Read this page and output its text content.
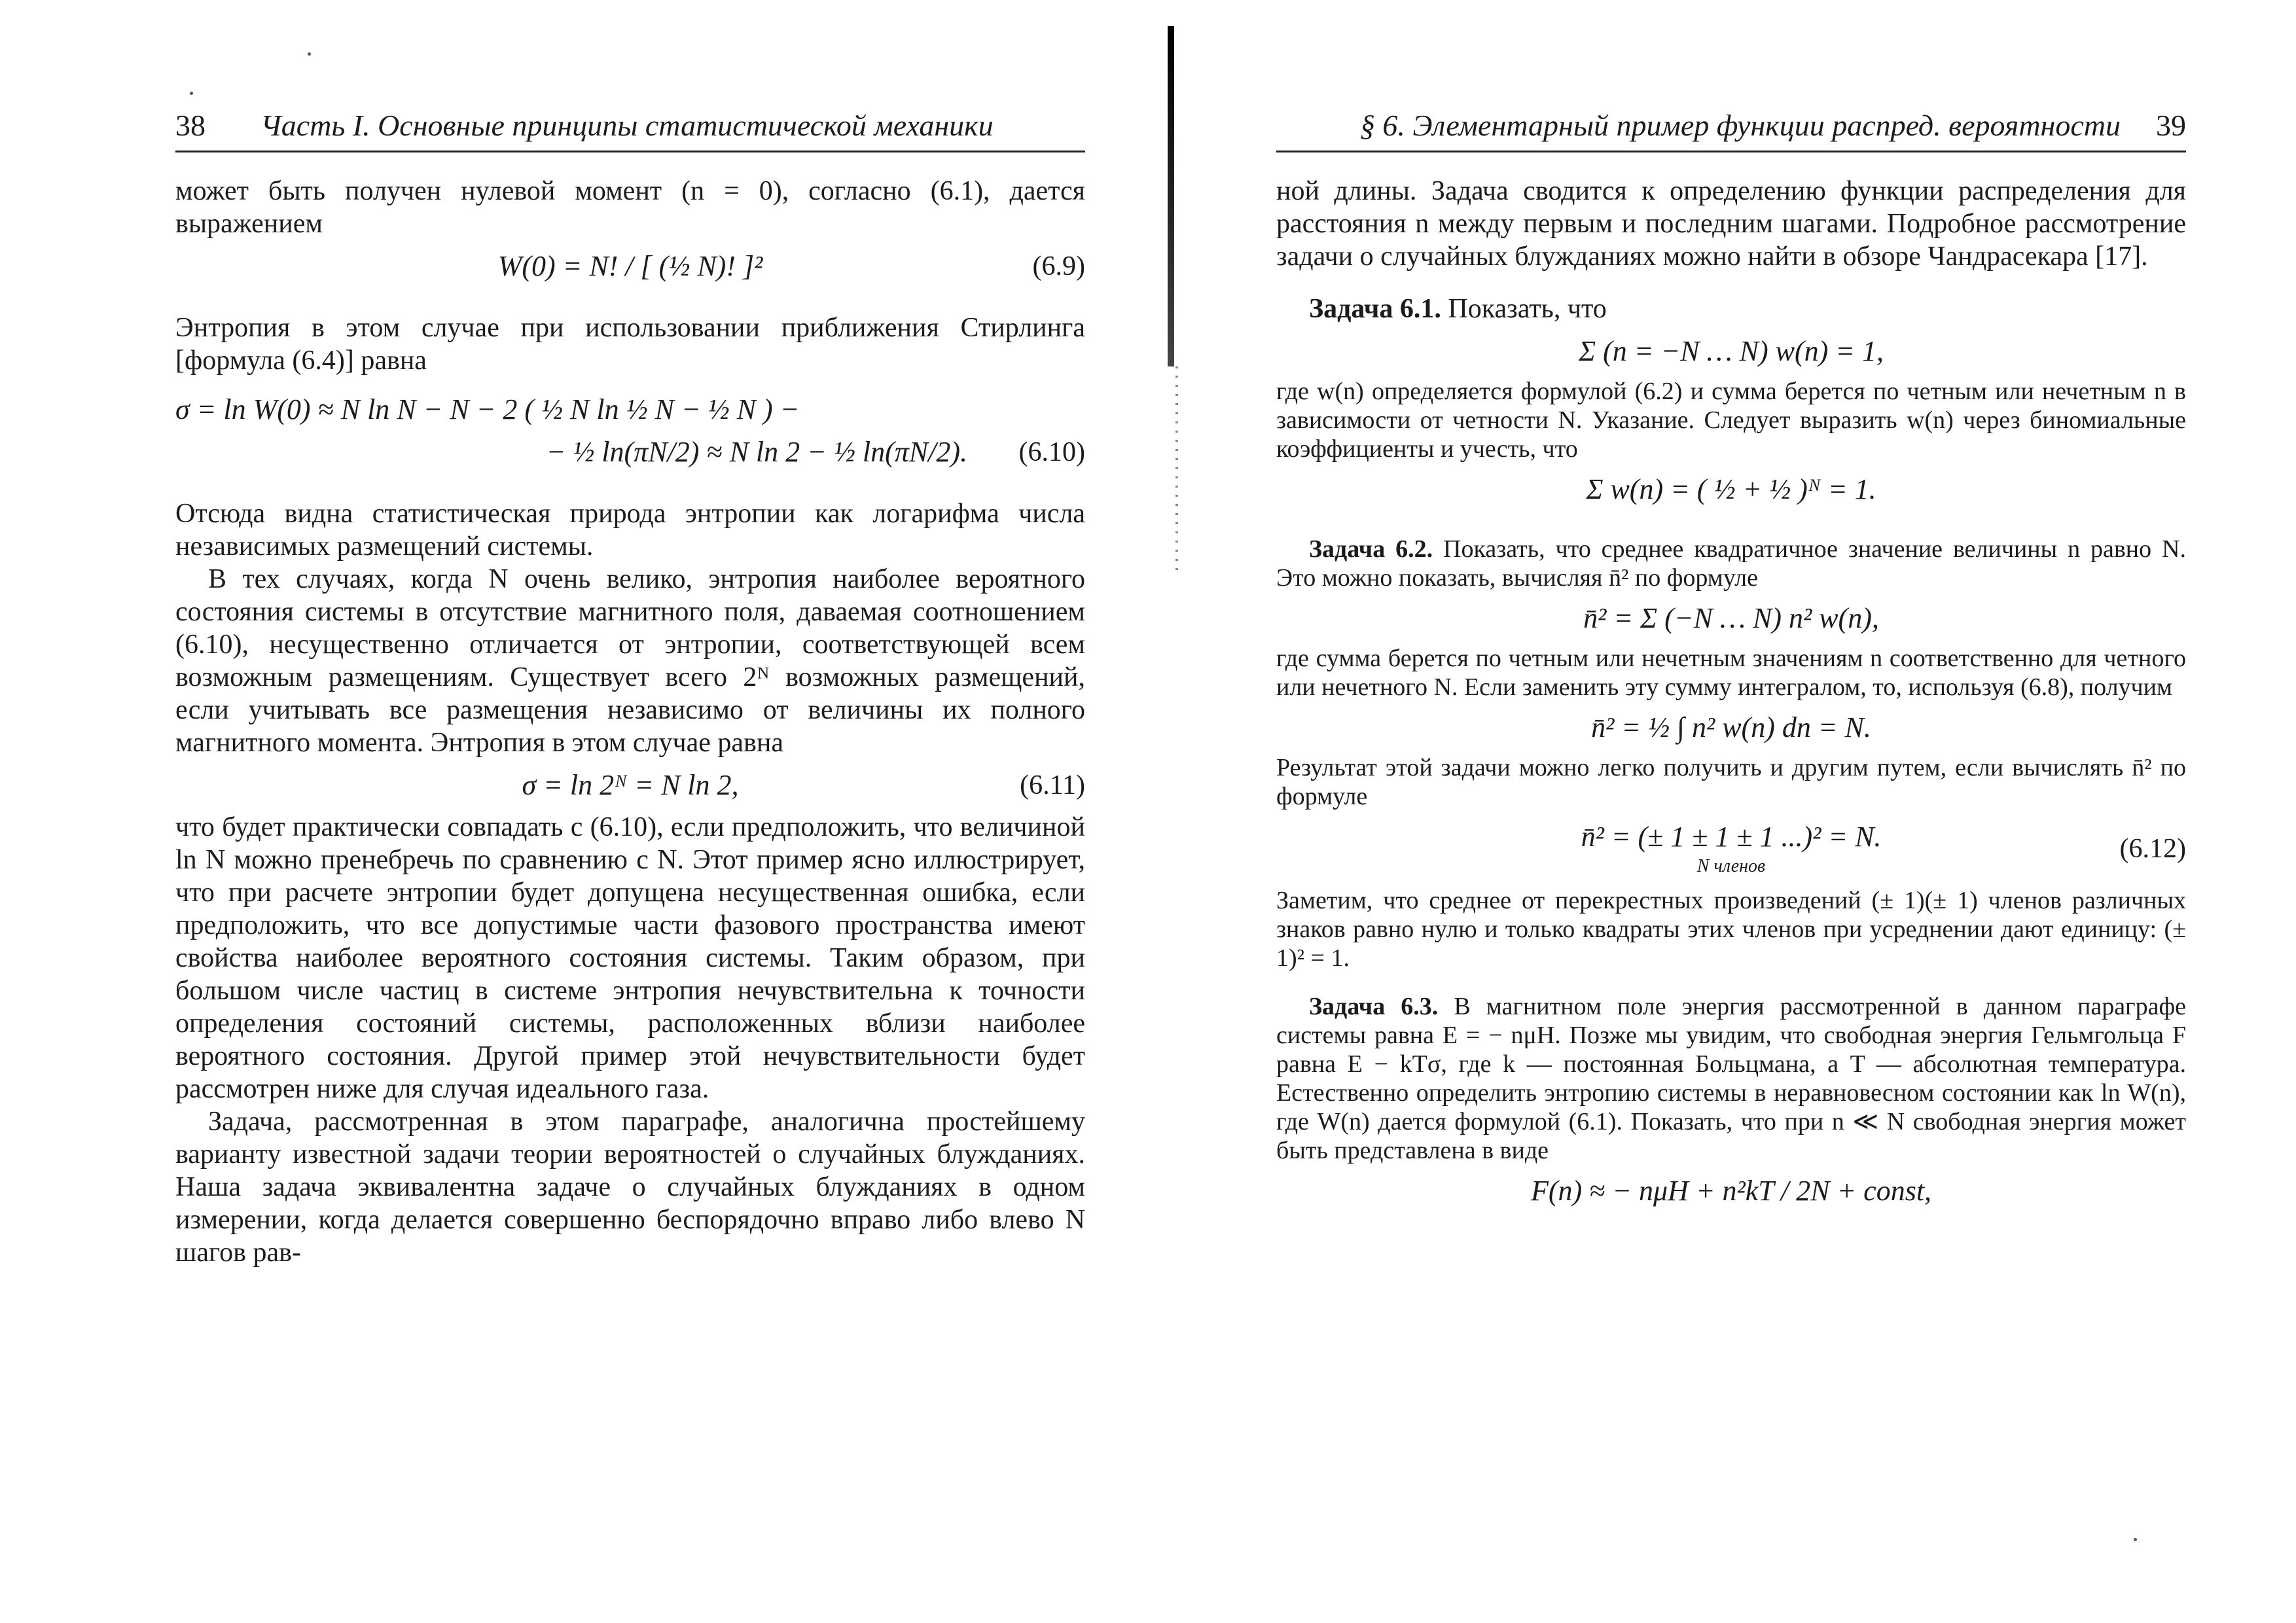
38 Часть I. Основные принципы статистической механики

может быть получен нулевой момент (n = 0), согласно (6.1), дается выражением

W(0) = N! / [ (½ N)! ]²	(6.9)

Энтропия в этом случае при использовании приближения Стирлинга [формула (6.4)] равна

σ = ln W(0) ≈ N ln N − N − 2 ( ½ N ln ½ N − ½ N ) −
− ½ ln(πN/2) ≈ N ln 2 − ½ ln(πN/2). (6.10)

Отсюда видна статистическая природа энтропии как логарифма числа независимых размещений системы.

В тех случаях, когда N очень велико, энтропия наиболее вероятного состояния системы в отсутствие магнитного поля, даваемая соотношением (6.10), несущественно отличается от энтропии, соответствующей всем возможным размещениям. Существует всего 2ᴺ возможных размещений, если учитывать все размещения независимо от величины их полного магнитного момента. Энтропия в этом случае равна

σ = ln 2ᴺ = N ln 2,	(6.11)

что будет практически совпадать с (6.10), если предположить, что величиной ln N можно пренебречь по сравнению с N. Этот пример ясно иллюстрирует, что при расчете энтропии будет допущена несущественная ошибка, если предположить, что все допустимые части фазового пространства имеют свойства наиболее вероятного состояния системы. Таким образом, при большом числе частиц в системе энтропия нечувствительна к точности определения состояний системы, расположенных вблизи наиболее вероятного состояния. Другой пример этой нечувствительности будет рассмотрен ниже для случая идеального газа.

Задача, рассмотренная в этом параграфе, аналогична простейшему варианту известной задачи теории вероятностей о случайных блужданиях. Наша задача эквивалентна задаче о случайных блужданиях в одном измерении, когда делается совершенно беспорядочно вправо либо влево N шагов рав-

§ 6. Элементарный пример функции распред. вероятности 39

ной длины. Задача сводится к определению функции распределения для расстояния n между первым и последним шагами. Подробное рассмотрение задачи о случайных блужданиях можно найти в обзоре Чандрасекара [17].

Задача 6.1. Показать, что

Σ (n = −N … N) w(n) = 1,

где w(n) определяется формулой (6.2) и сумма берется по четным или нечетным n в зависимости от четности N. Указание. Следует выразить w(n) через биномиальные коэффициенты и учесть, что

Σ w(n) = ( ½ + ½ )ᴺ = 1.

Задача 6.2. Показать, что среднее квадратичное значение величины n равно N. Это можно показать, вычисляя n̄² по формуле

n̄² = Σ (−N … N) n² w(n),

где сумма берется по четным или нечетным значениям n соответственно для четного или нечетного N. Если заменить эту сумму интегралом, то, используя (6.8), получим

n̄² = ½ ∫ n² w(n) dn = N.

Результат этой задачи можно легко получить и другим путем, если вычислять n̄² по формуле

n̄² = (± 1 ± 1 ± 1 ...)² = N.
N членов
(6.12)

Заметим, что среднее от перекрестных произведений (± 1)(± 1) членов различных знаков равно нулю и только квадраты этих членов при усреднении дают единицу: (± 1)² = 1.

Задача 6.3. В магнитном поле энергия рассмотренной в данном параграфе системы равна E = − nμH. Позже мы увидим, что свободная энергия Гельмгольца F равна E − kTσ, где k — постоянная Больцмана, а T — абсолютная температура. Естественно определить энтропию системы в неравновесном состоянии как ln W(n), где W(n) дается формулой (6.1). Показать, что при n ≪ N свободная энергия может быть представлена в виде

F(n) ≈ − nμH + n²kT / 2N + const,
